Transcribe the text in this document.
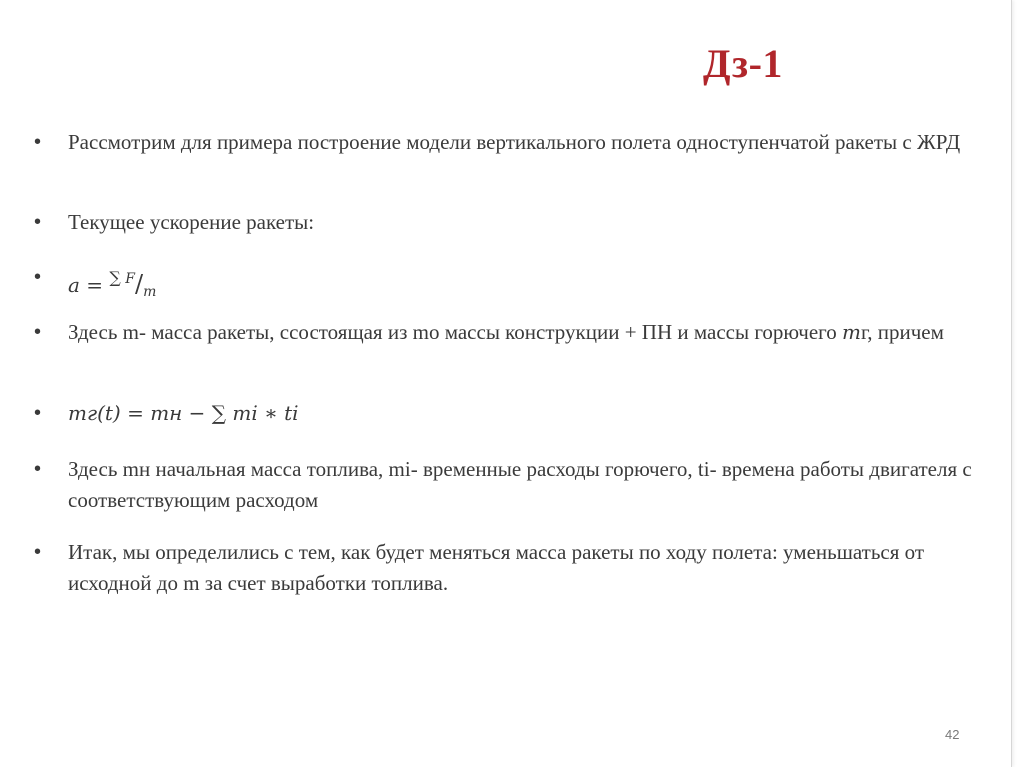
Дз-1
•	Рассмотрим для примера построение модели вертикального полета одноступенчатой ракеты с ЖРД
•	Текущее ускорение ракеты:
•	$a = ^{\sum F}/_m$
•	Здесь m- масса ракеты, ссостоящая из mo массы конструкции + ПН и массы горючего mг, причем
•	mг(t) = mн − ∑ mi ∗ ti
•	Здесь mн начальная масса топлива, mi- временные расходы горючего, ti- времена работы двигателя с соответствующим расходом
•	Итак, мы определились с тем, как будет меняться масса ракеты по ходу полета: уменьшаться от исходной до m за счет выработки топлива.
42
